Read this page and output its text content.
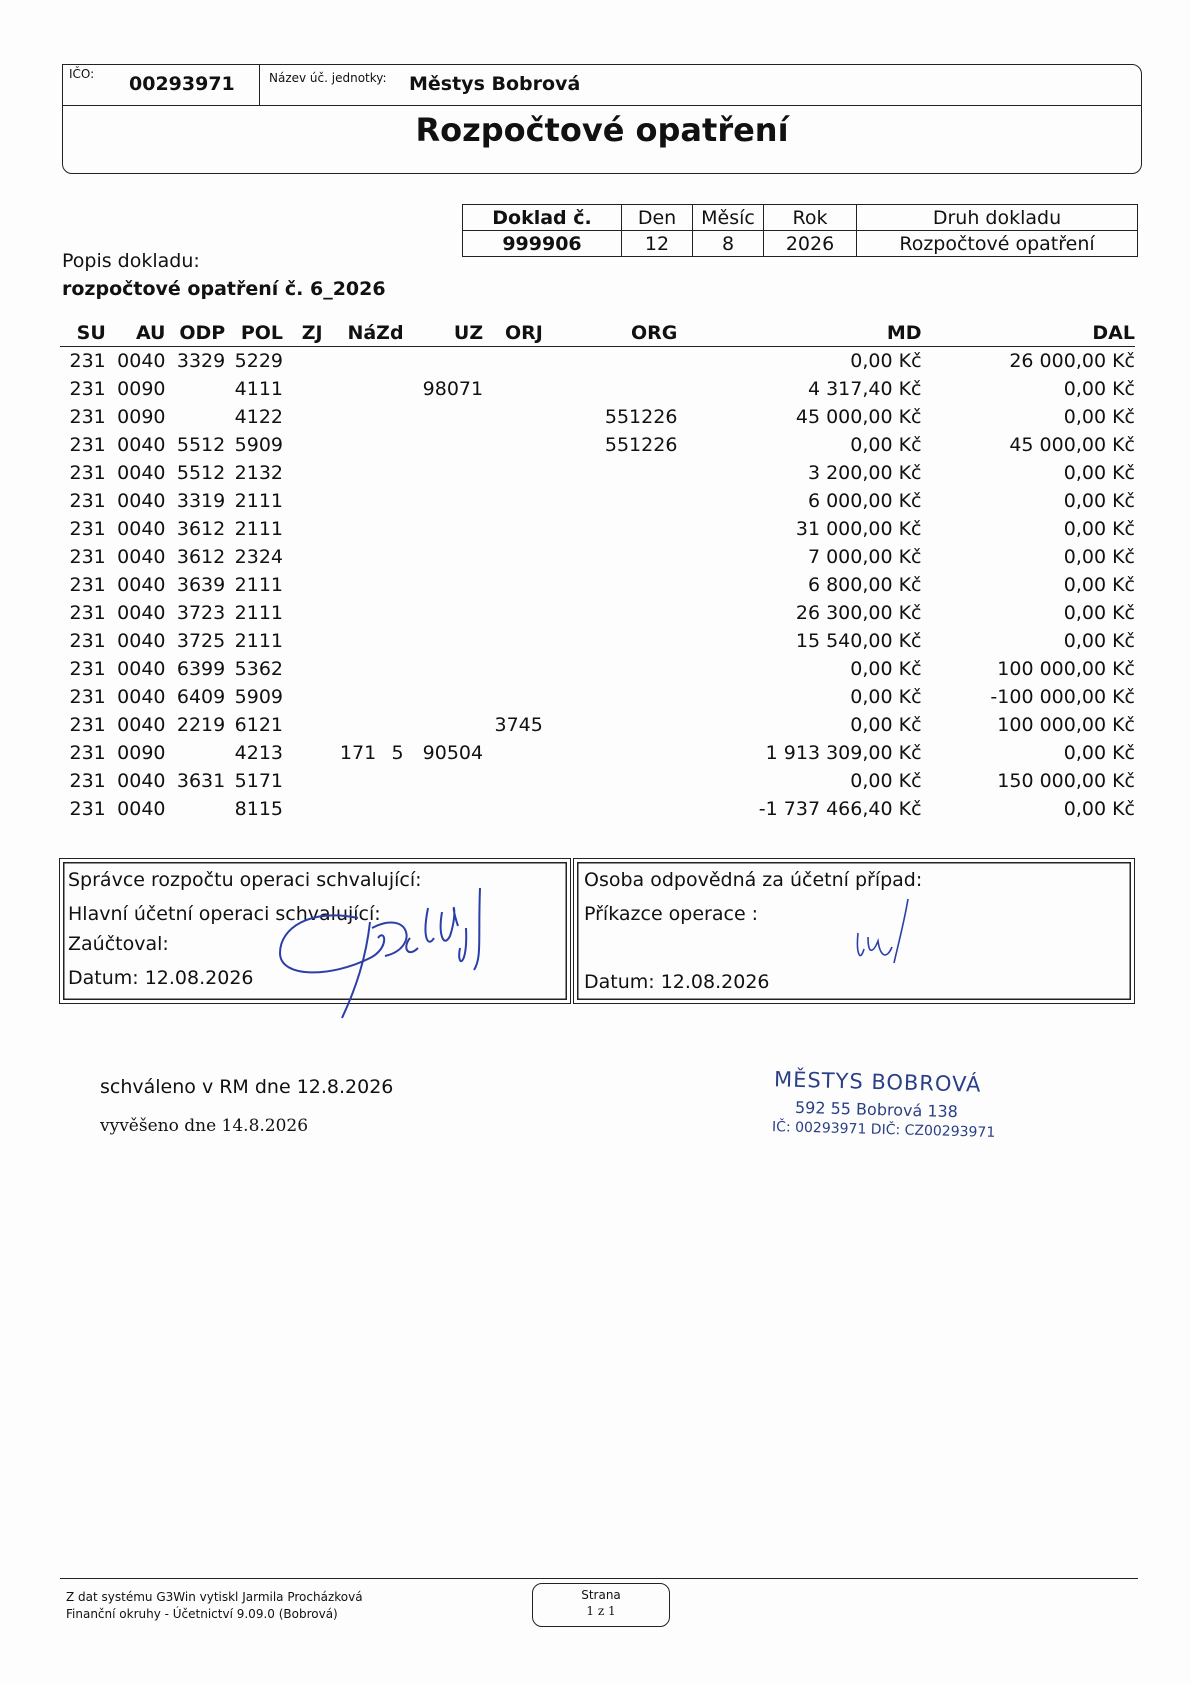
IČO: 00293971	Název úč. jednotky: Městys Bobrová
Rozpočtové opatření
Doklad č.	Den	Měsíc	Rok	Druh dokladu
999906	12	8	2026	Rozpočtové opatření
Popis dokladu:
rozpočtové opatření č. 6_2026
SU	AU	ODP	POL	ZJ	Ná	Zd	UZ	ORJ	ORG	MD	DAL
231	0040	3329	5229							0,00 Kč	26 000,00 Kč
231	0090		4111				98071			4 317,40 Kč	0,00 Kč
231	0090		4122						551226	45 000,00 Kč	0,00 Kč
231	0040	5512	5909						551226	0,00 Kč	45 000,00 Kč
231	0040	5512	2132							3 200,00 Kč	0,00 Kč
231	0040	3319	2111							6 000,00 Kč	0,00 Kč
231	0040	3612	2111							31 000,00 Kč	0,00 Kč
231	0040	3612	2324							7 000,00 Kč	0,00 Kč
231	0040	3639	2111							6 800,00 Kč	0,00 Kč
231	0040	3723	2111							26 300,00 Kč	0,00 Kč
231	0040	3725	2111							15 540,00 Kč	0,00 Kč
231	0040	6399	5362							0,00 Kč	100 000,00 Kč
231	0040	6409	5909							0,00 Kč	-100 000,00 Kč
231	0040	2219	6121					3745		0,00 Kč	100 000,00 Kč
231	0090		4213		171	5	90504			1 913 309,00 Kč	0,00 Kč
231	0040	3631	5171							0,00 Kč	150 000,00 Kč
231	0040		8115							-1 737 466,40 Kč	0,00 Kč
Správce rozpočtu operaci schvalující:
Hlavní účetní operaci schvalující:
Zaúčtoval:
Datum: 12.08.2026
Osoba odpovědná za účetní případ:
Příkazce operace :
Datum: 12.08.2026
schváleno v RM dne 12.8.2026
vyvěšeno dne 14.8.2026
MĚSTYS BOBROVÁ
592 55 Bobrová 138
IČ: 00293971 DIČ: CZ00293971
Z dat systému G3Win vytiskl Jarmila Procházková
Finanční okruhy - Účetnictví 9.09.0 (Bobrová)
Strana
1 z 1
